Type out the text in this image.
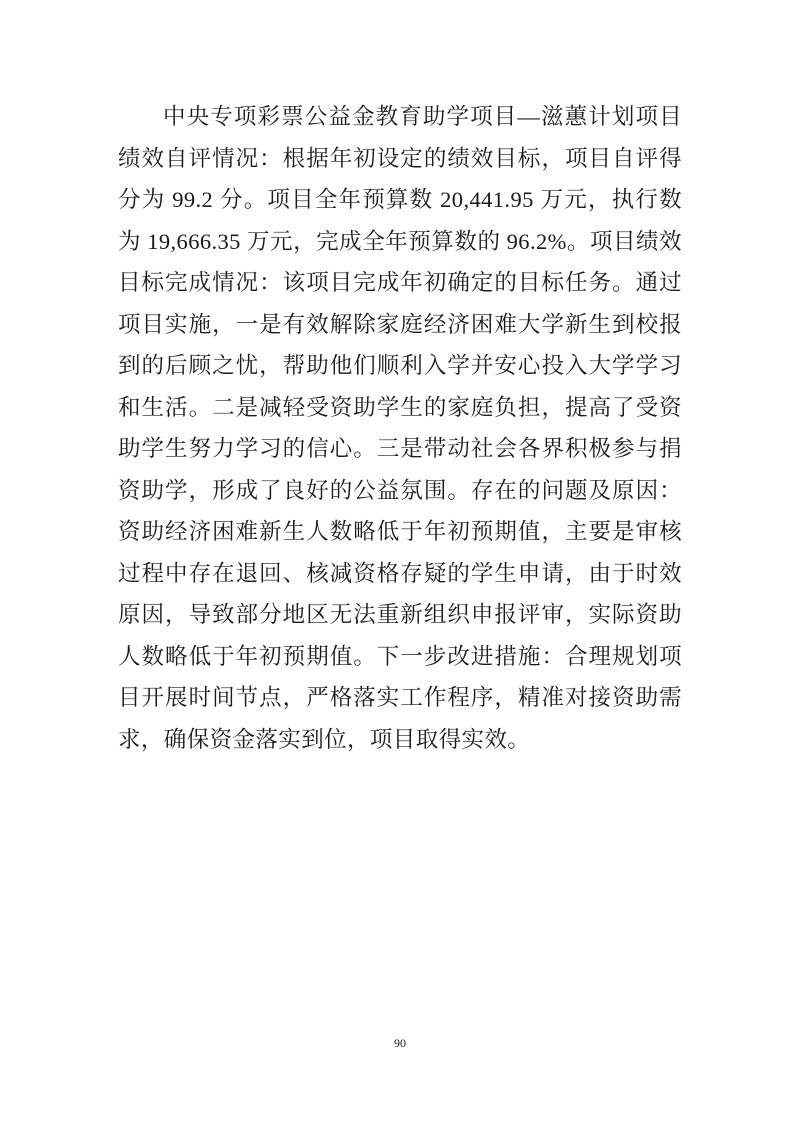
中央专项彩票公益金教育助学项目—滋蕙计划项目绩效自评情况：根据年初设定的绩效目标，项目自评得分为 99.2 分。项目全年预算数 20,441.95 万元，执行数为 19,666.35 万元，完成全年预算数的 96.2%。项目绩效目标完成情况：该项目完成年初确定的目标任务。通过项目实施，一是有效解除家庭经济困难大学新生到校报到的后顾之忧，帮助他们顺利入学并安心投入大学学习和生活。二是减轻受资助学生的家庭负担，提高了受资助学生努力学习的信心。三是带动社会各界积极参与捐资助学，形成了良好的公益氛围。存在的问题及原因：资助经济困难新生人数略低于年初预期值，主要是审核过程中存在退回、核减资格存疑的学生申请，由于时效原因，导致部分地区无法重新组织申报评审，实际资助人数略低于年初预期值。下一步改进措施：合理规划项目开展时间节点，严格落实工作程序，精准对接资助需求，确保资金落实到位，项目取得实效。

90
